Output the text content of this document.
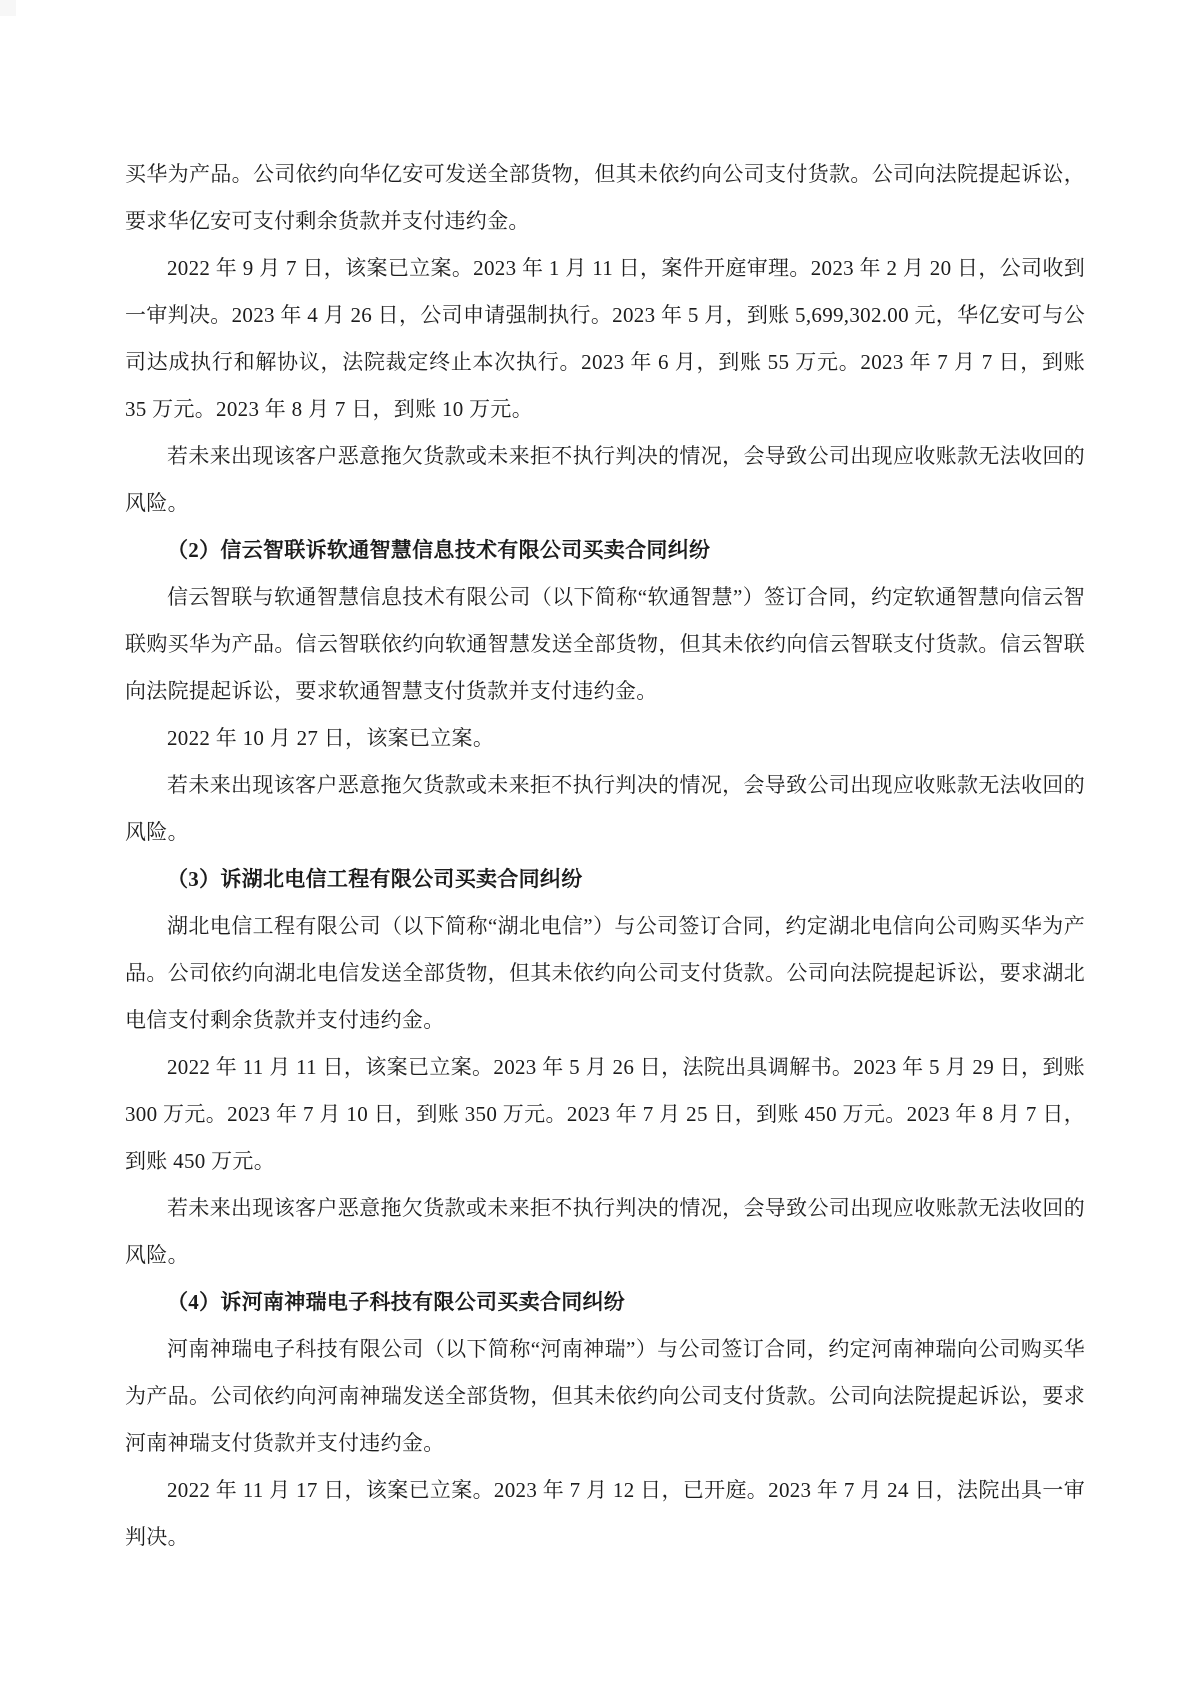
买华为产品。公司依约向华亿安可发送全部货物，但其未依约向公司支付货款。公司向法院提起诉讼，要求华亿安可支付剩余货款并支付违约金。

2022 年 9 月 7 日，该案已立案。2023 年 1 月 11 日，案件开庭审理。2023 年 2 月 20 日，公司收到一审判决。2023 年 4 月 26 日，公司申请强制执行。2023 年 5 月，到账 5,699,302.00 元，华亿安可与公司达成执行和解协议，法院裁定终止本次执行。2023 年 6 月，到账 55 万元。2023 年 7 月 7 日，到账 35 万元。2023 年 8 月 7 日，到账 10 万元。

若未来出现该客户恶意拖欠货款或未来拒不执行判决的情况，会导致公司出现应收账款无法收回的风险。

（2）信云智联诉软通智慧信息技术有限公司买卖合同纠纷

信云智联与软通智慧信息技术有限公司（以下简称“软通智慧”）签订合同，约定软通智慧向信云智联购买华为产品。信云智联依约向软通智慧发送全部货物，但其未依约向信云智联支付货款。信云智联向法院提起诉讼，要求软通智慧支付货款并支付违约金。

2022 年 10 月 27 日，该案已立案。

若未来出现该客户恶意拖欠货款或未来拒不执行判决的情况，会导致公司出现应收账款无法收回的风险。

（3）诉湖北电信工程有限公司买卖合同纠纷

湖北电信工程有限公司（以下简称“湖北电信”）与公司签订合同，约定湖北电信向公司购买华为产品。公司依约向湖北电信发送全部货物，但其未依约向公司支付货款。公司向法院提起诉讼，要求湖北电信支付剩余货款并支付违约金。

2022 年 11 月 11 日，该案已立案。2023 年 5 月 26 日，法院出具调解书。2023 年 5 月 29 日，到账 300 万元。2023 年 7 月 10 日，到账 350 万元。2023 年 7 月 25 日，到账 450 万元。2023 年 8 月 7 日，到账 450 万元。

若未来出现该客户恶意拖欠货款或未来拒不执行判决的情况，会导致公司出现应收账款无法收回的风险。

（4）诉河南神瑞电子科技有限公司买卖合同纠纷

河南神瑞电子科技有限公司（以下简称“河南神瑞”）与公司签订合同，约定河南神瑞向公司购买华为产品。公司依约向河南神瑞发送全部货物，但其未依约向公司支付货款。公司向法院提起诉讼，要求河南神瑞支付货款并支付违约金。

2022 年 11 月 17 日，该案已立案。2023 年 7 月 12 日，已开庭。2023 年 7 月 24 日，法院出具一审判决。
